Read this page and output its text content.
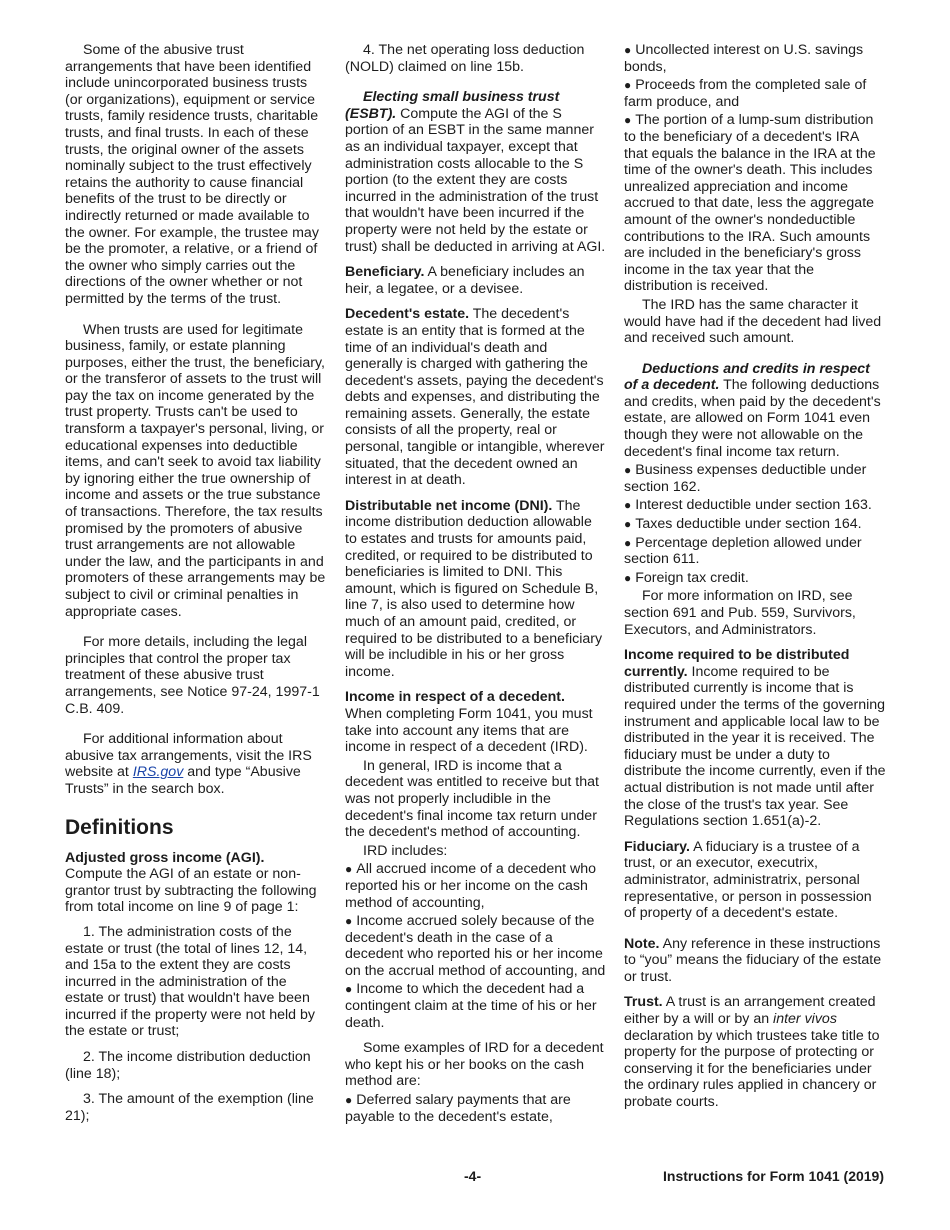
Some of the abusive trust arrangements that have been identified include unincorporated business trusts (or organizations), equipment or service trusts, family residence trusts, charitable trusts, and final trusts. In each of these trusts, the original owner of the assets nominally subject to the trust effectively retains the authority to cause financial benefits of the trust to be directly or indirectly returned or made available to the owner. For example, the trustee may be the promoter, a relative, or a friend of the owner who simply carries out the directions of the owner whether or not permitted by the terms of the trust.

When trusts are used for legitimate business, family, or estate planning purposes, either the trust, the beneficiary, or the transferor of assets to the trust will pay the tax on income generated by the trust property. Trusts can't be used to transform a taxpayer's personal, living, or educational expenses into deductible items, and can't seek to avoid tax liability by ignoring either the true ownership of income and assets or the true substance of transactions. Therefore, the tax results promised by the promoters of abusive trust arrangements are not allowable under the law, and the participants in and promoters of these arrangements may be subject to civil or criminal penalties in appropriate cases.

For more details, including the legal principles that control the proper tax treatment of these abusive trust arrangements, see Notice 97-24, 1997-1 C.B. 409.

For additional information about abusive tax arrangements, visit the IRS website at IRS.gov and type “Abusive Trusts” in the search box.

Definitions

Adjusted gross income (AGI).
Compute the AGI of an estate or non-grantor trust by subtracting the following from total income on line 9 of page 1:

1. The administration costs of the estate or trust (the total of lines 12, 14, and 15a to the extent they are costs incurred in the administration of the estate or trust) that wouldn't have been incurred if the property were not held by the estate or trust;

2. The income distribution deduction (line 18);

3. The amount of the exemption (line 21);

4. The net operating loss deduction (NOLD) claimed on line 15b.

Electing small business trust (ESBT). Compute the AGI of the S portion of an ESBT in the same manner as an individual taxpayer, except that administration costs allocable to the S portion (to the extent they are costs incurred in the administration of the trust that wouldn't have been incurred if the property were not held by the estate or trust) shall be deducted in arriving at AGI.

Beneficiary. A beneficiary includes an heir, a legatee, or a devisee.

Decedent's estate. The decedent's estate is an entity that is formed at the time of an individual's death and generally is charged with gathering the decedent's assets, paying the decedent's debts and expenses, and distributing the remaining assets. Generally, the estate consists of all the property, real or personal, tangible or intangible, wherever situated, that the decedent owned an interest in at death.

Distributable net income (DNI). The income distribution deduction allowable to estates and trusts for amounts paid, credited, or required to be distributed to beneficiaries is limited to DNI. This amount, which is figured on Schedule B, line 7, is also used to determine how much of an amount paid, credited, or required to be distributed to a beneficiary will be includible in his or her gross income.

Income in respect of a decedent.
When completing Form 1041, you must take into account any items that are income in respect of a decedent (IRD).

In general, IRD is income that a decedent was entitled to receive but that was not properly includible in the decedent's final income tax return under the decedent's method of accounting.

IRD includes:

● All accrued income of a decedent who reported his or her income on the cash method of accounting,
● Income accrued solely because of the decedent's death in the case of a decedent who reported his or her income on the accrual method of accounting, and
● Income to which the decedent had a contingent claim at the time of his or her death.

Some examples of IRD for a decedent who kept his or her books on the cash method are:

● Deferred salary payments that are payable to the decedent's estate,
● Uncollected interest on U.S. savings bonds,
● Proceeds from the completed sale of farm produce, and
● The portion of a lump-sum distribution to the beneficiary of a decedent's IRA that equals the balance in the IRA at the time of the owner's death. This includes unrealized appreciation and income accrued to that date, less the aggregate amount of the owner's nondeductible contributions to the IRA. Such amounts are included in the beneficiary's gross income in the tax year that the distribution is received.

The IRD has the same character it would have had if the decedent had lived and received such amount.

Deductions and credits in respect of a decedent. The following deductions and credits, when paid by the decedent's estate, are allowed on Form 1041 even though they were not allowable on the decedent's final income tax return.

● Business expenses deductible under section 162.
● Interest deductible under section 163.
● Taxes deductible under section 164.
● Percentage depletion allowed under section 611.
● Foreign tax credit.

For more information on IRD, see section 691 and Pub. 559, Survivors, Executors, and Administrators.

Income required to be distributed currently. Income required to be distributed currently is income that is required under the terms of the governing instrument and applicable local law to be distributed in the year it is received. The fiduciary must be under a duty to distribute the income currently, even if the actual distribution is not made until after the close of the trust's tax year. See Regulations section 1.651(a)-2.

Fiduciary. A fiduciary is a trustee of a trust, or an executor, executrix, administrator, administratrix, personal representative, or person in possession of property of a decedent's estate.

Note. Any reference in these instructions to “you” means the fiduciary of the estate or trust.

Trust. A trust is an arrangement created either by a will or by an inter vivos declaration by which trustees take title to property for the purpose of protecting or conserving it for the beneficiaries under the ordinary rules applied in chancery or probate courts.

-4-	Instructions for Form 1041 (2019)
